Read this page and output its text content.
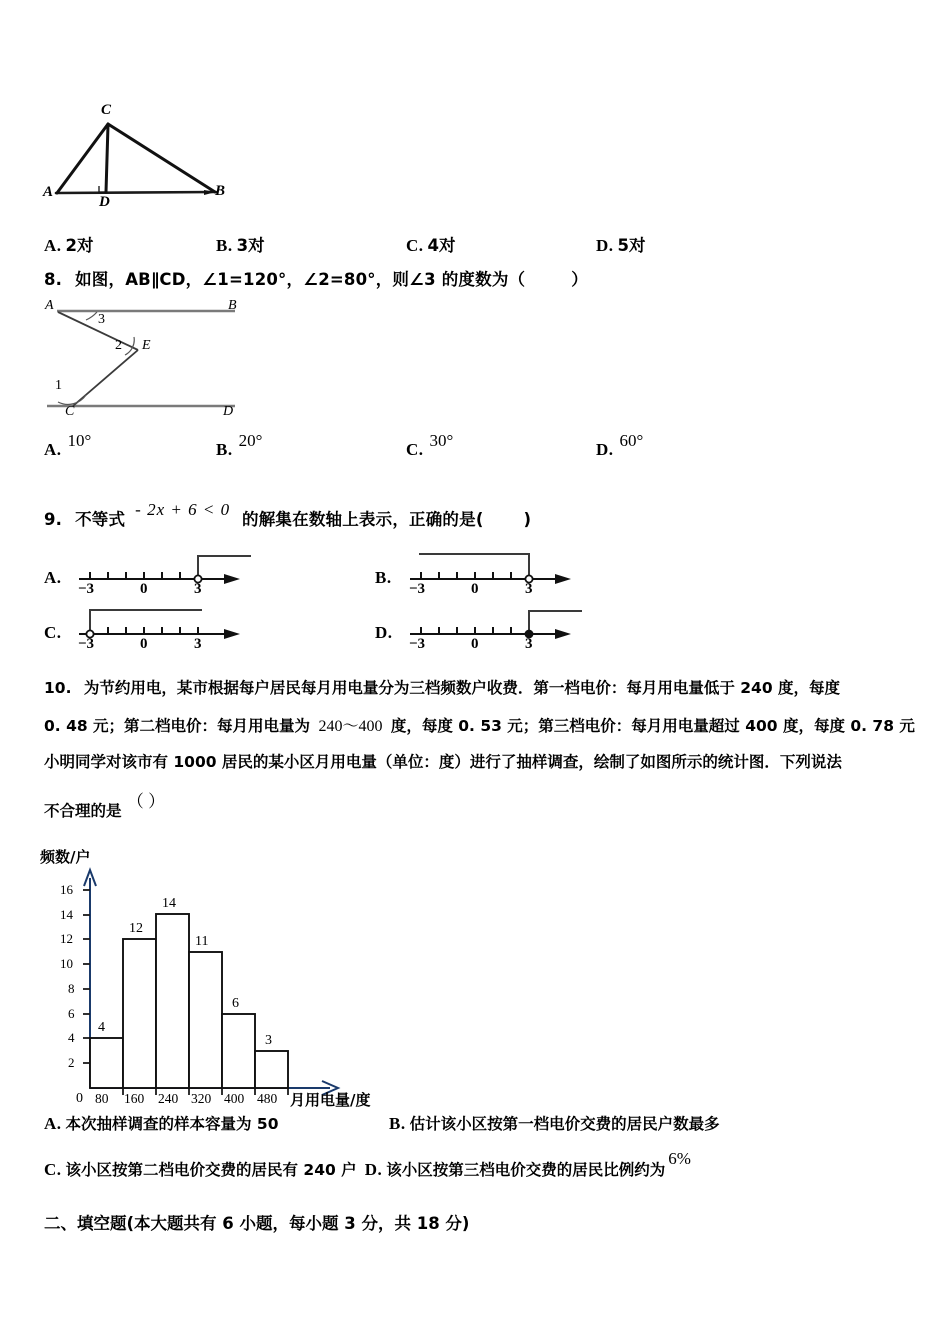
A	B
C
D
A. 2对	B. 3对	C. 4对	D. 5对
8. 如图，AB∥CD，∠1=120°，∠2=80°，则∠3 的度数为（	）
A	B
C	D
E
1
2
3
A. 10°	B. 20°	C. 30°	D. 60°
9. 不等式 - 2x + 6 < 0 的解集在数轴上表示，正确的是( )
A.
−3	0	3
B.
−3	0	3
C.
−3	0	3
D.
−3	0	3
10. 为节约用电，某市根据每户居民每月用电量分为三档频数户收费．第一档电价：每月用电量低于 240 度，每度
0. 48 元；第二档电价：每月用电量为 240～400 度，每度 0. 53 元；第三档电价：每月用电量超过 400 度，每度 0. 78 元
小明同学对该市有 1000 居民的某小区月用电量（单位：度）进行了抽样调查，绘制了如图所示的统计图．下列说法
不合理的是 （ ）
频数/户
2
4
6
8
10
12
14
16
0 80 160 240 320 400 480 月用电量/度
4
12
14
11
6
3
A. 本次抽样调查的样本容量为 50	B. 估计该小区按第一档电价交费的居民户数最多
C. 该小区按第二档电价交费的居民有 240 户 D. 该小区按第三档电价交费的居民比例约为
6%
二、填空题(本大题共有 6 小题，每小题 3 分，共 18 分)
